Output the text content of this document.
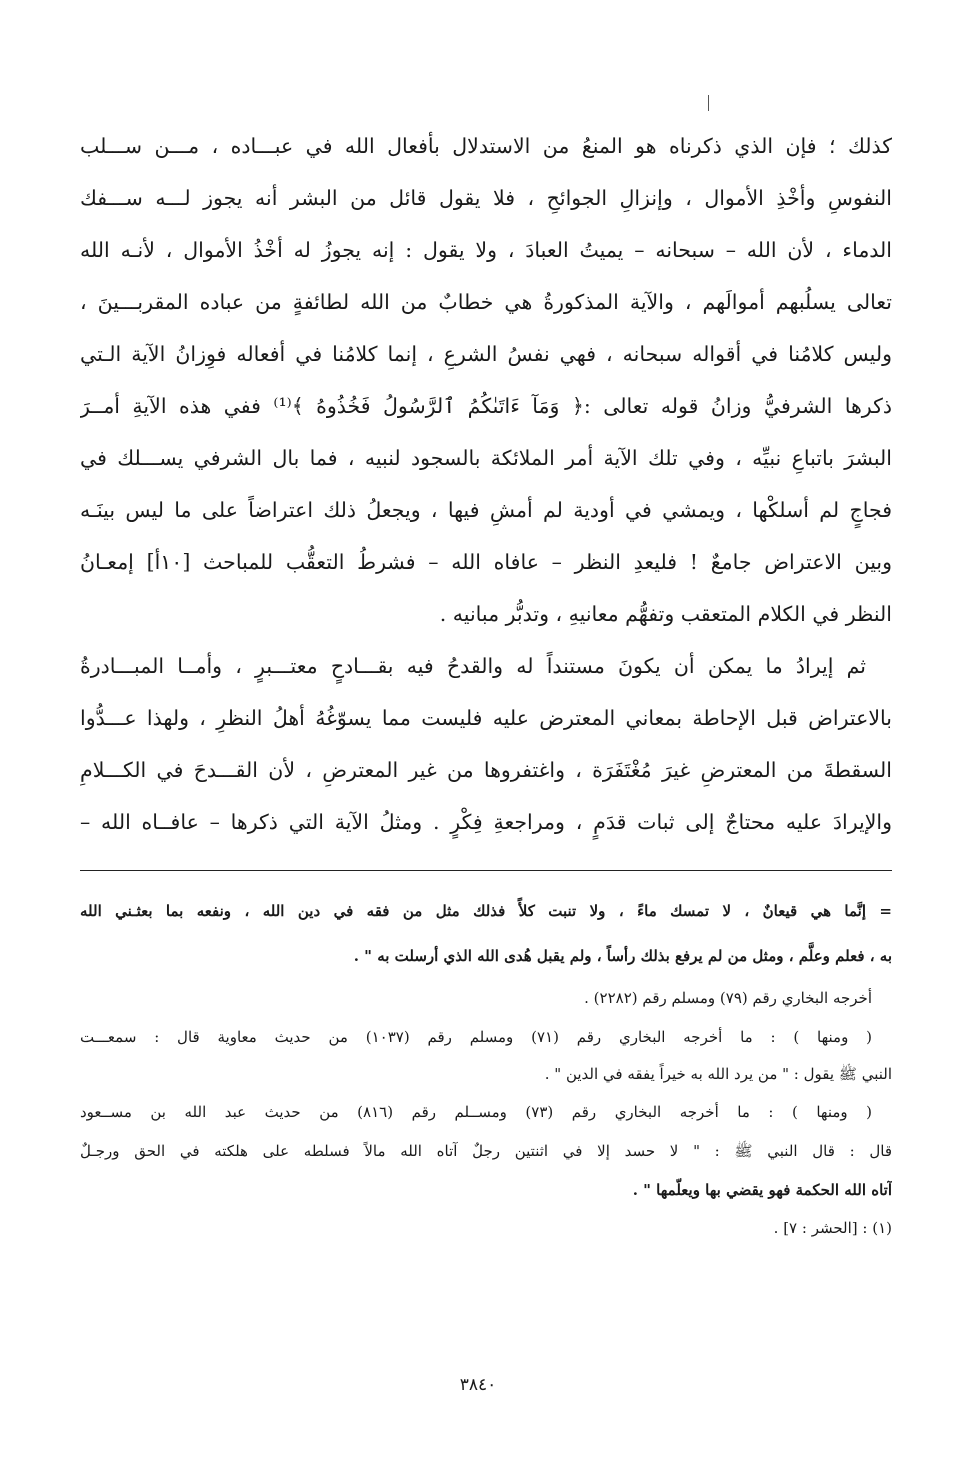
كذلك ؛ فإن الذي ذكرناه هو المنعُ من الاستدلال بأفعال الله في عبـــاده ، مـــن ســـلب
النفوسِ وأخْذِ الأموال ، وإنزالِ الجوائحِ ، فلا يقول قائل من البشر أنه يجوز لـــه ســـفك
الدماء ، لأن الله – سبحانه – يميتُ العبادَ ، ولا يقول : إنه يجوزُ له أخْذُ الأموال ، لأنـه الله
تعالى يسلُبهم أموالَهم ، والآية المذكورةُ هي خطابٌ من الله لطائفةٍ من عباده المقربـــينَ ،
وليس كلامُنا في أقواله سبحانه ، فهي نفسُ الشرعِ ، إنما كلامُنا في أفعاله فوِزانُ الآية الـتي
ذكرها الشرفيُّ وزانُ قوله تعالى :﴿ وَمَآ ءَاتَىٰكُمُ ٱلرَّسُولُ فَخُذُوهُ ﴾⁽¹⁾ ففي هذه الآيةِ أمــرَ
البشرَ باتباعِ نبيِّه ، وفي تلك الآية أمر الملائكة بالسجود لنبيه ، فما بال الشرفي يســـلك في
فجاجٍ لم أسلكْها ، ويمشي في أودية لم أمشِ فيها ، ويجعلُ ذلك اعتراضاً على ما ليس بينَـه
وبين الاعتراض جامعٌ ! فليعدِ النظر – عافاه الله – فشرطُ التعقُّب للمباحث [١٠أ] إمعـانُ
النظر في الكلام المتعقب وتفهُّم معانيهِ ، وتدبُّر مبانيه .
ثم إيرادُ ما يمكن أن يكونَ مستنداً له والقدحُ فيه بقـــادحٍ معتـــبرٍ ، وأمــا المبـــادرةُ
بالاعتراض قبل الإحاطة بمعاني المعترض عليه فليست مما يسوّغُهُ أهلُ النظرِ ، ولهذا عـــدُّوا
السقطةَ من المعترضِ غيرَ مُغْتَفَرَة ، واغتفروها من غير المعترضِ ، لأن القـــدحَ في الكـــلامِ
والإيرادَ عليه محتاجٌ إلى ثبات قدَمٍ ، ومراجعةِ فِكْرٍ . ومثلُ الآية التي ذكرها – عافــاه الله –
= إنَّما هي قيعانٌ ، لا تمسك ماءً ، ولا تنبت كلأً فذلك مثل من فقه في دين الله ، ونفعه بما بعثـني الله
به ، فعلم وعلَّم ، ومثل من لم يرفع بذلك رأساً ، ولم يقبل هُدى الله الذي أرسلت به " .
أخرجه البخاري رقم (٧٩) ومسلم رقم (٢٢٨٢) .
( ومنها ) : ما أخرجه البخاري رقم (٧١) ومسلم رقم (١٠٣٧) من حديث معاوية قال : سمعـــت
النبي ﷺ يقول : " من يرد الله به خيراً يفقه في الدين " .
( ومنها ) : ما أخرجه البخاري رقم (٧٣) ومســلم رقم (٨١٦) من حديث عبد الله بن مســعود
قال : قال النبي ﷺ : " لا حسد إلا في اثنتين رجلٌ آتاه الله مالاً فسلطه على هلكته في الحق ورجـلٌ
آتاه الله الحكمة فهو يقضي بها ويعلّمها " .
(١) : [الحشر : ٧] .
٣٨٤٠
